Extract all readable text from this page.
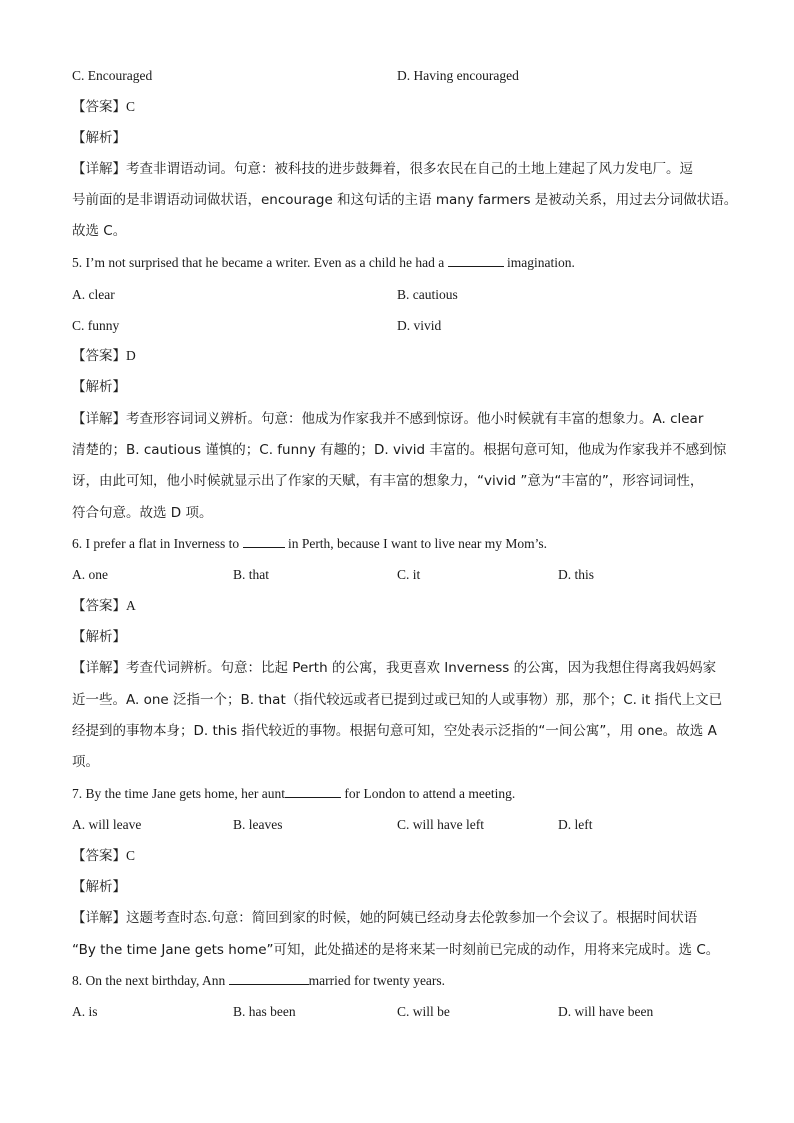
C. Encouraged	D. Having encouraged
【答案】C
【解析】
【详解】考查非谓语动词。句意：被科技的进步鼓舞着，很多农民在自己的土地上建起了风力发电厂。逗
号前面的是非谓语动词做状语，encourage 和这句话的主语 many farmers 是被动关系，用过去分词做状语。
故选 C。
5. I’m not surprised that he became a writer. Even as a child he had a	imagination.
A. clear	B. cautious
C. funny	D. vivid
【答案】D
【解析】
【详解】考查形容词词义辨析。句意：他成为作家我并不感到惊讶。他小时候就有丰富的想象力。A. clear
清楚的；B. cautious 谨慎的；C. funny 有趣的；D. vivid 丰富的。根据句意可知，他成为作家我并不感到惊
讶，由此可知，他小时候就显示出了作家的天赋，有丰富的想象力，“vivid ”意为“丰富的”，形容词词性，
符合句意。故选 D 项。
6. I prefer a flat in Inverness to	in Perth, because I want to live near my Mom’s.
A. one	B. that	C. it	D. this
【答案】A
【解析】
【详解】考查代词辨析。句意：比起 Perth 的公寓，我更喜欢 Inverness 的公寓，因为我想住得离我妈妈家
近一些。A. one 泛指一个；B. that（指代较远或者已提到过或已知的人或事物）那，那个；C. it 指代上文已
经提到的事物本身；D. this 指代较近的事物。根据句意可知，空处表示泛指的“一间公寓”，用 one。故选 A
项。
7. By the time Jane gets home, her aunt	for London to attend a meeting.
A. will leave	B. leaves	C. will have left	D. left
【答案】C
【解析】
【详解】这题考查时态.句意：简回到家的时候，她的阿姨已经动身去伦敦参加一个会议了。根据时间状语
“By the time Jane gets home”可知，此处描述的是将来某一时刻前已完成的动作，用将来完成时。选 C。
8. On the next birthday, Ann	married for twenty years.
A. is	B. has been	C. will be	D. will have been
